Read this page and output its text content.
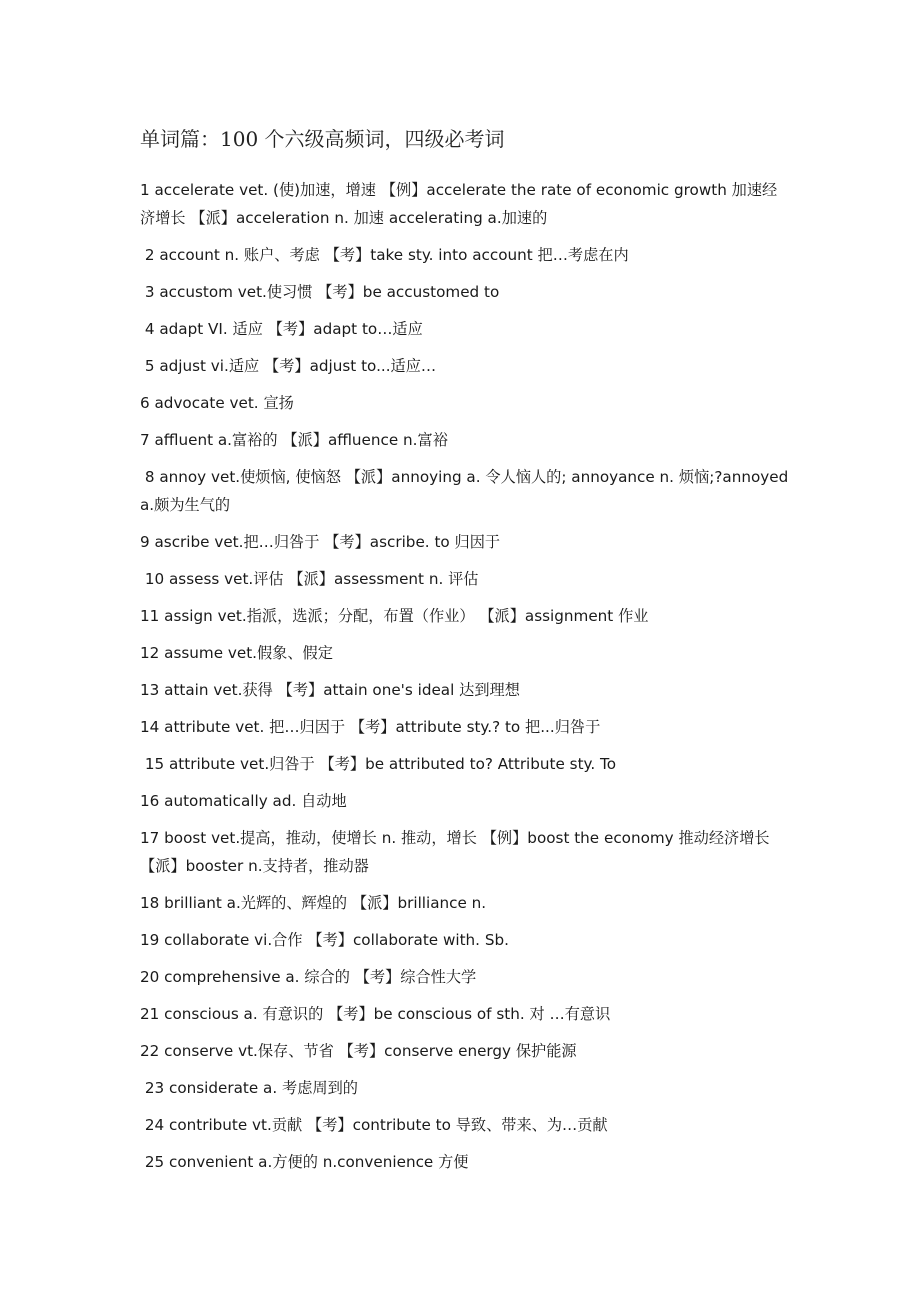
单词篇：100 个六级高频词，四级必考词

1 accelerate vet. (使)加速，增速 【例】accelerate the rate of economic growth 加速经济增长 【派】acceleration n. 加速 accelerating a.加速的

2 account n. 账户、考虑 【考】take sty. into account 把…考虑在内

3 accustom vet.使习惯 【考】be accustomed to

4 adapt VI. 适应 【考】adapt to…适应

5 adjust vi.适应 【考】adjust to...适应…

6 advocate vet. 宣扬

7 affluent a.富裕的 【派】affluence n.富裕

8 annoy vet.使烦恼, 使恼怒 【派】annoying a. 令人恼人的; annoyance n. 烦恼;?annoyed a.颇为生气的

9 ascribe vet.把…归咎于 【考】ascribe. to 归因于

10 assess vet.评估 【派】assessment n. 评估

11 assign vet.指派，选派；分配，布置（作业） 【派】assignment 作业

12 assume vet.假象、假定

13 attain vet.获得 【考】attain one's ideal 达到理想

14 attribute vet. 把…归因于 【考】attribute sty.? to 把...归咎于

15 attribute vet.归咎于 【考】be attributed to? Attribute sty. To

16 automatically ad. 自动地

17 boost vet.提高，推动，使增长 n. 推动，增长 【例】boost the economy 推动经济增长 【派】booster n.支持者，推动器

18 brilliant a.光辉的、辉煌的 【派】brilliance n.

19 collaborate vi.合作 【考】collaborate with. Sb.

20 comprehensive a. 综合的 【考】综合性大学

21 conscious a. 有意识的 【考】be conscious of sth. 对 …有意识

22 conserve vt.保存、节省 【考】conserve energy 保护能源

23 considerate a. 考虑周到的

24 contribute vt.贡献 【考】contribute to 导致、带来、为…贡献

25 convenient a.方便的 n.convenience 方便
